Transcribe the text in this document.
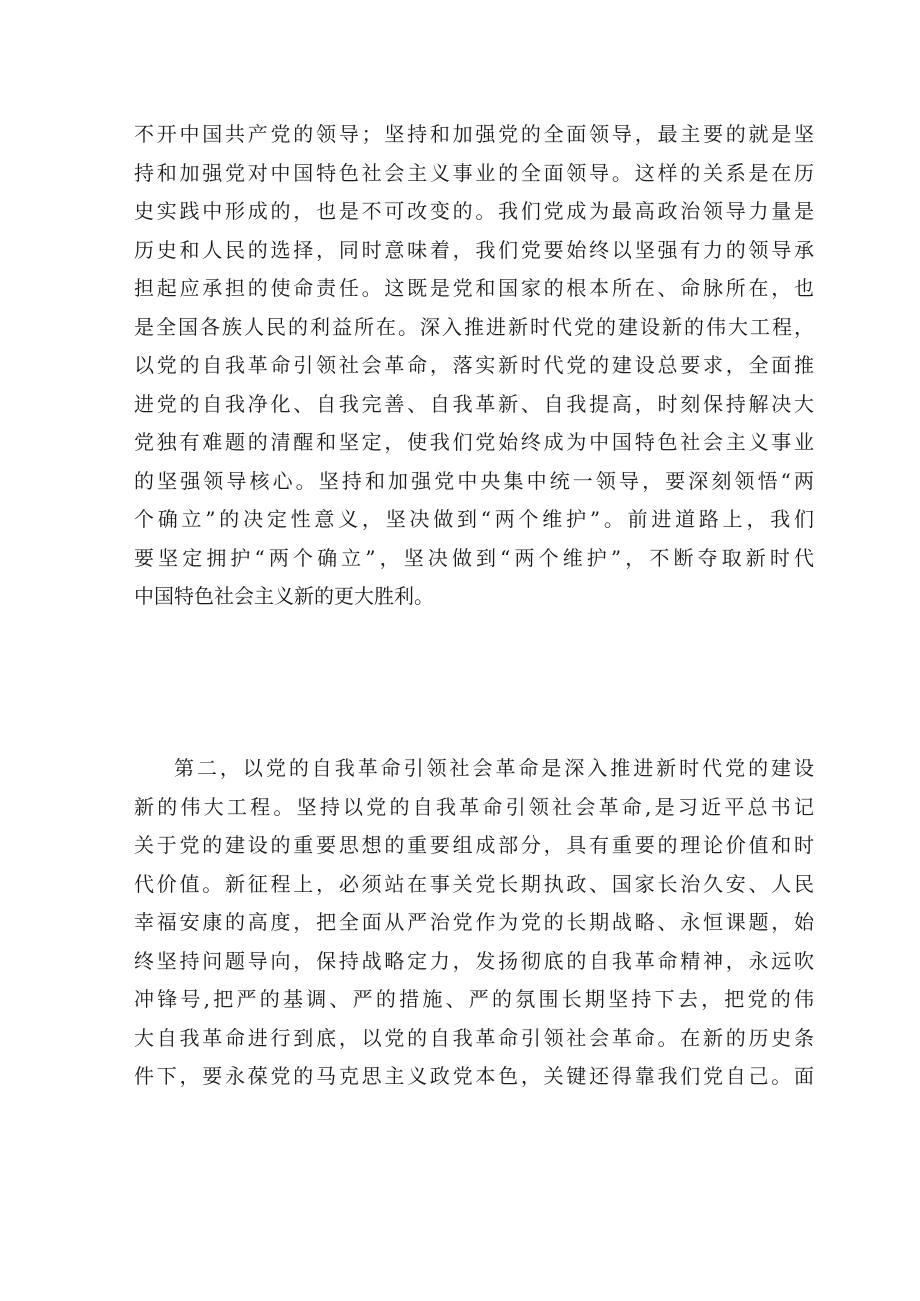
不开中国共产党的领导；坚持和加强党的全面领导，最主要的就是坚
持和加强党对中国特色社会主义事业的全面领导。这样的关系是在历
史实践中形成的，也是不可改变的。我们党成为最高政治领导力量是
历史和人民的选择，同时意味着，我们党要始终以坚强有力的领导承
担起应承担的使命责任。这既是党和国家的根本所在、命脉所在，也
是全国各族人民的利益所在。深入推进新时代党的建设新的伟大工程，
以党的自我革命引领社会革命，落实新时代党的建设总要求，全面推
进党的自我净化、自我完善、自我革新、自我提高，时刻保持解决大
党独有难题的清醒和坚定，使我们党始终成为中国特色社会主义事业
的坚强领导核心。坚持和加强党中央集中统一领导，要深刻领悟“两
个确立”的决定性意义，坚决做到“两个维护”。前进道路上，我们
要坚定拥护“两个确立”，坚决做到“两个维护”，不断夺取新时代
中国特色社会主义新的更大胜利。
第二，以党的自我革命引领社会革命是深入推进新时代党的建设
新的伟大工程。坚持以党的自我革命引领社会革命,是习近平总书记
关于党的建设的重要思想的重要组成部分，具有重要的理论价值和时
代价值。新征程上，必须站在事关党长期执政、国家长治久安、人民
幸福安康的高度，把全面从严治党作为党的长期战略、永恒课题，始
终坚持问题导向，保持战略定力，发扬彻底的自我革命精神，永远吹
冲锋号,把严的基调、严的措施、严的氛围长期坚持下去，把党的伟
大自我革命进行到底，以党的自我革命引领社会革命。在新的历史条
件下，要永葆党的马克思主义政党本色，关键还得靠我们党自己。面
